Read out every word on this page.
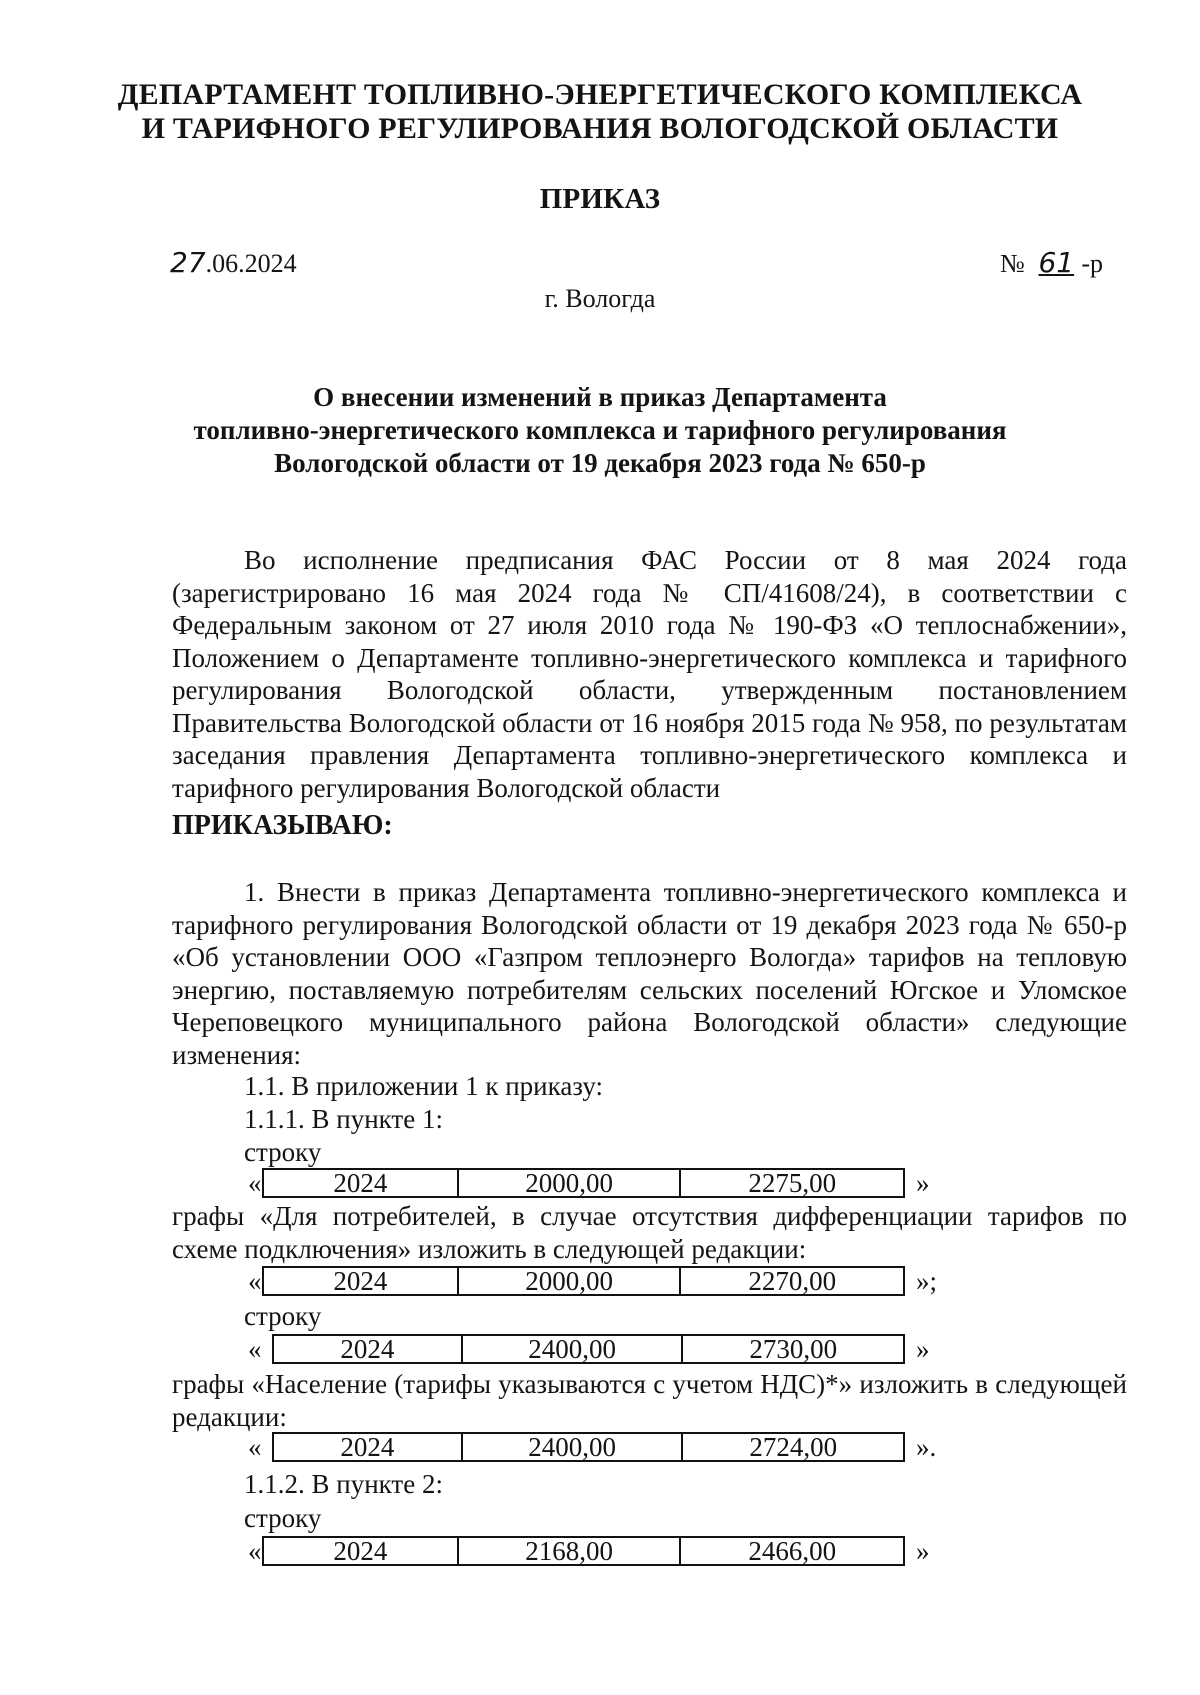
ДЕПАРТАМЕНТ ТОПЛИВНО-ЭНЕРГЕТИЧЕСКОГО КОМПЛЕКСА
И ТАРИФНОГО РЕГУЛИРОВАНИЯ ВОЛОГОДСКОЙ ОБЛАСТИ
ПРИКАЗ
27.06.2024	№ 61 -р
г. Вологда
О внесении изменений в приказ Департамента
топливно-энергетического комплекса и тарифного регулирования
Вологодской области от 19 декабря 2023 года № 650-р
Во исполнение предписания ФАС России от 8 мая 2024 года (зарегистрировано 16 мая 2024 года № СП/41608/24), в соответствии с Федеральным законом от 27 июля 2010 года № 190-ФЗ «О теплоснабжении», Положением о Департаменте топливно-энергетического комплекса и тарифного регулирования Вологодской области, утвержденным постановлением Правительства Вологодской области от 16 ноября 2015 года № 958, по результатам заседания правления Департамента топливно-энергетического комплекса и тарифного регулирования Вологодской области
ПРИКАЗЫВАЮ:
1. Внести в приказ Департамента топливно-энергетического комплекса и тарифного регулирования Вологодской области от 19 декабря 2023 года № 650-р «Об установлении ООО «Газпром теплоэнерго Вологда» тарифов на тепловую энергию, поставляемую потребителям сельских поселений Югское и Уломское Череповецкого муниципального района Вологодской области» следующие изменения:
1.1. В приложении 1 к приказу:
1.1.1. В пункте 1:
строку
«	2024	2000,00	2275,00	»
графы «Для потребителей, в случае отсутствия дифференциации тарифов по схеме подключения» изложить в следующей редакции:
«	2024	2000,00	2270,00	»;
строку
«	2024	2400,00	2730,00	»
графы «Население (тарифы указываются с учетом НДС)*» изложить в следующей редакции:
«	2024	2400,00	2724,00	».
1.1.2. В пункте 2:
строку
«	2024	2168,00	2466,00	»
